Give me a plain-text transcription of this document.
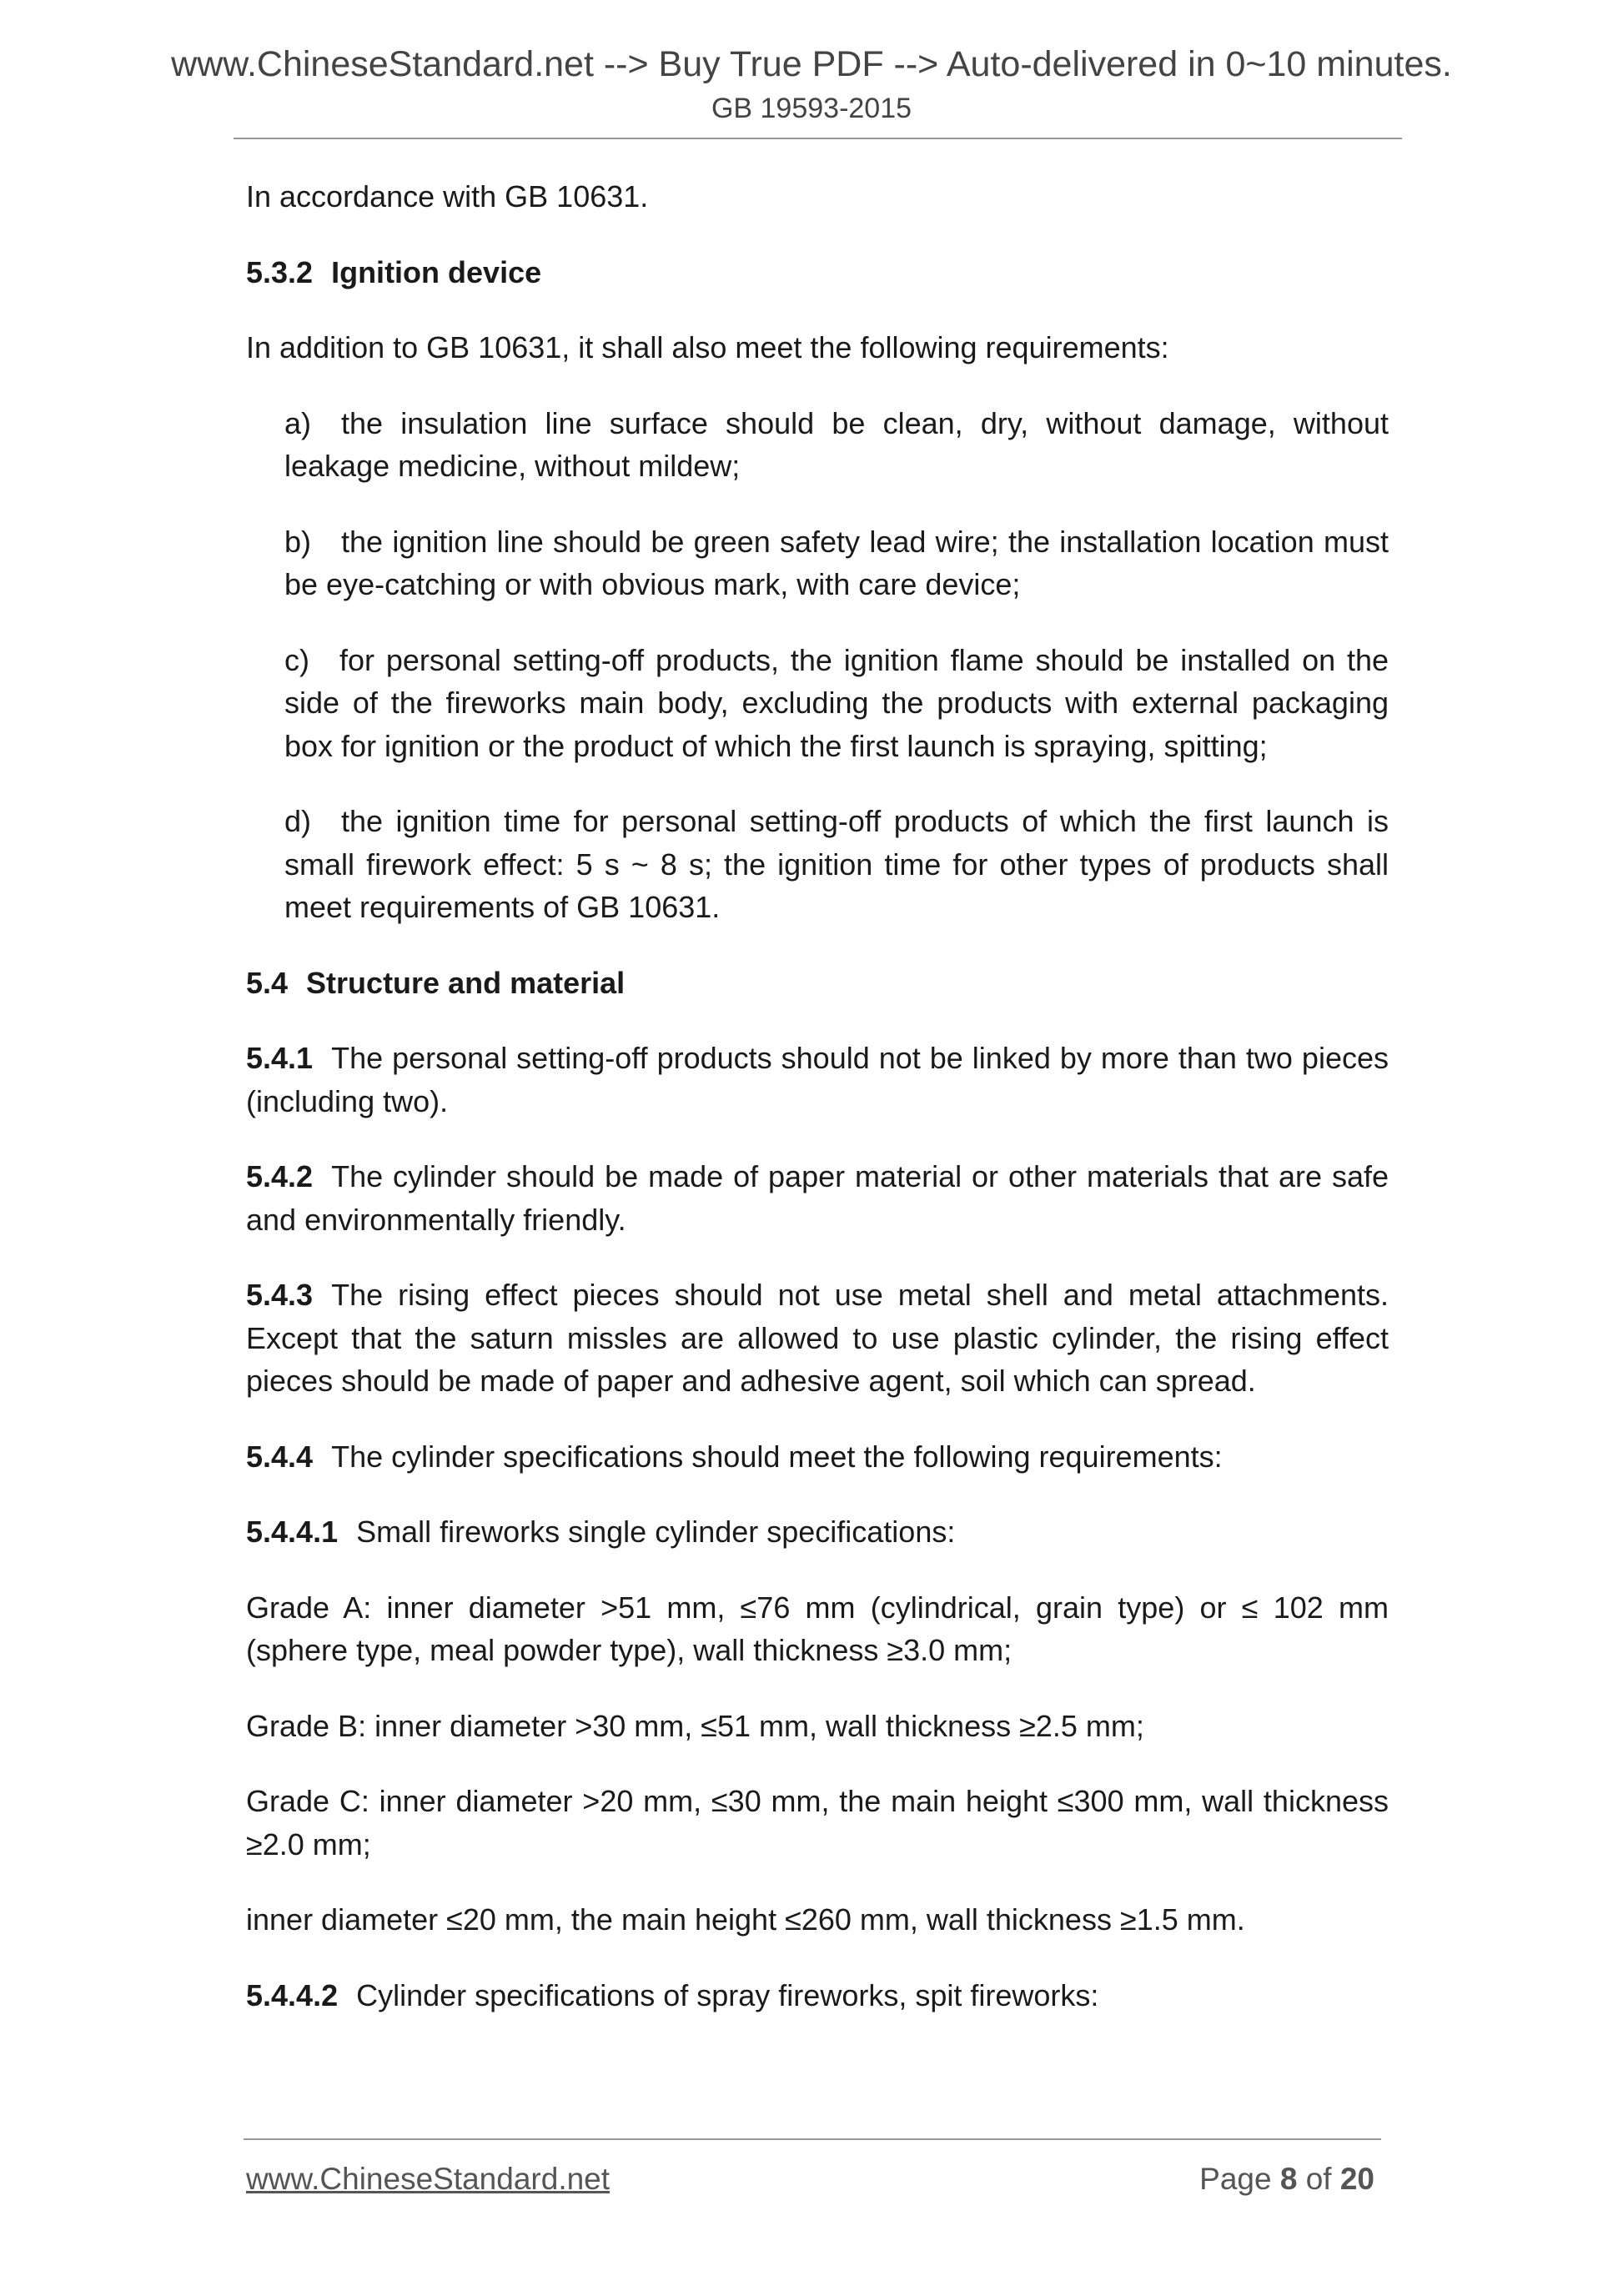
www.ChineseStandard.net --> Buy True PDF --> Auto-delivered in 0~10 minutes.
GB 19593-2015

In accordance with GB 10631.

5.3.2 Ignition device

In addition to GB 10631, it shall also meet the following requirements:

a) the insulation line surface should be clean, dry, without damage, without leakage medicine, without mildew;

b) the ignition line should be green safety lead wire; the installation location must be eye-catching or with obvious mark, with care device;

c) for personal setting-off products, the ignition flame should be installed on the side of the fireworks main body, excluding the products with external packaging box for ignition or the product of which the first launch is spraying, spitting;

d) the ignition time for personal setting-off products of which the first launch is small firework effect: 5 s ~ 8 s; the ignition time for other types of products shall meet requirements of GB 10631.

5.4 Structure and material

5.4.1 The personal setting-off products should not be linked by more than two pieces (including two).

5.4.2 The cylinder should be made of paper material or other materials that are safe and environmentally friendly.

5.4.3 The rising effect pieces should not use metal shell and metal attachments. Except that the saturn missles are allowed to use plastic cylinder, the rising effect pieces should be made of paper and adhesive agent, soil which can spread.

5.4.4 The cylinder specifications should meet the following requirements:

5.4.4.1 Small fireworks single cylinder specifications:

Grade A: inner diameter >51 mm, ≤76 mm (cylindrical, grain type) or ≤ 102 mm (sphere type, meal powder type), wall thickness ≥3.0 mm;

Grade B: inner diameter >30 mm, ≤51 mm, wall thickness ≥2.5 mm;

Grade C: inner diameter >20 mm, ≤30 mm, the main height ≤300 mm, wall thickness ≥2.0 mm;

inner diameter ≤20 mm, the main height ≤260 mm, wall thickness ≥1.5 mm.

5.4.4.2 Cylinder specifications of spray fireworks, spit fireworks:

www.ChineseStandard.net	Page 8 of 20
